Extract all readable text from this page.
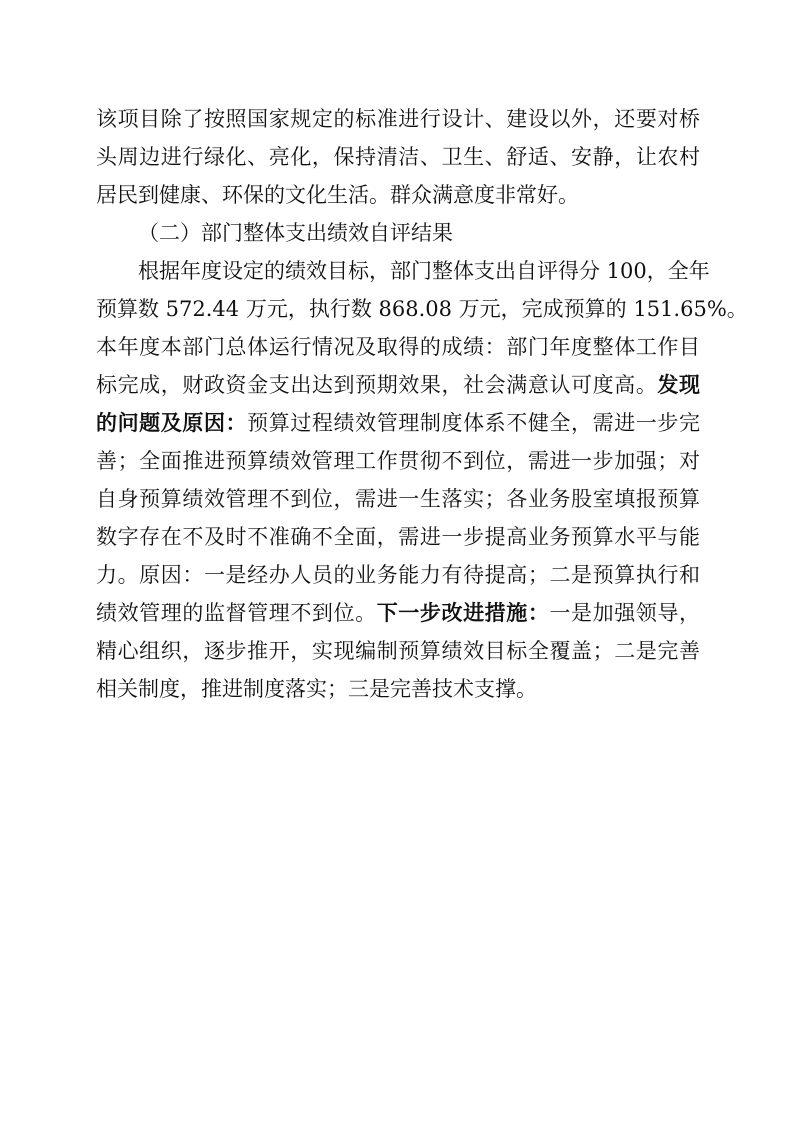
该项目除了按照国家规定的标准进行设计、建设以外，还要对桥
头周边进行绿化、亮化，保持清洁、卫生、舒适、安静，让农村
居民到健康、环保的文化生活。群众满意度非常好。
（二）部门整体支出绩效自评结果
根据年度设定的绩效目标，部门整体支出自评得分 100，全年
预算数 572.44 万元，执行数 868.08 万元，完成预算的 151.65%。
本年度本部门总体运行情况及取得的成绩：部门年度整体工作目
标完成，财政资金支出达到预期效果，社会满意认可度高。发现
的问题及原因：预算过程绩效管理制度体系不健全，需进一步完
善；全面推进预算绩效管理工作贯彻不到位，需进一步加强；对
自身预算绩效管理不到位，需进一生落实；各业务股室填报预算
数字存在不及时不准确不全面，需进一步提高业务预算水平与能
力。原因：一是经办人员的业务能力有待提高；二是预算执行和
绩效管理的监督管理不到位。下一步改进措施：一是加强领导，
精心组织，逐步推开，实现编制预算绩效目标全覆盖；二是完善
相关制度，推进制度落实；三是完善技术支撑。
